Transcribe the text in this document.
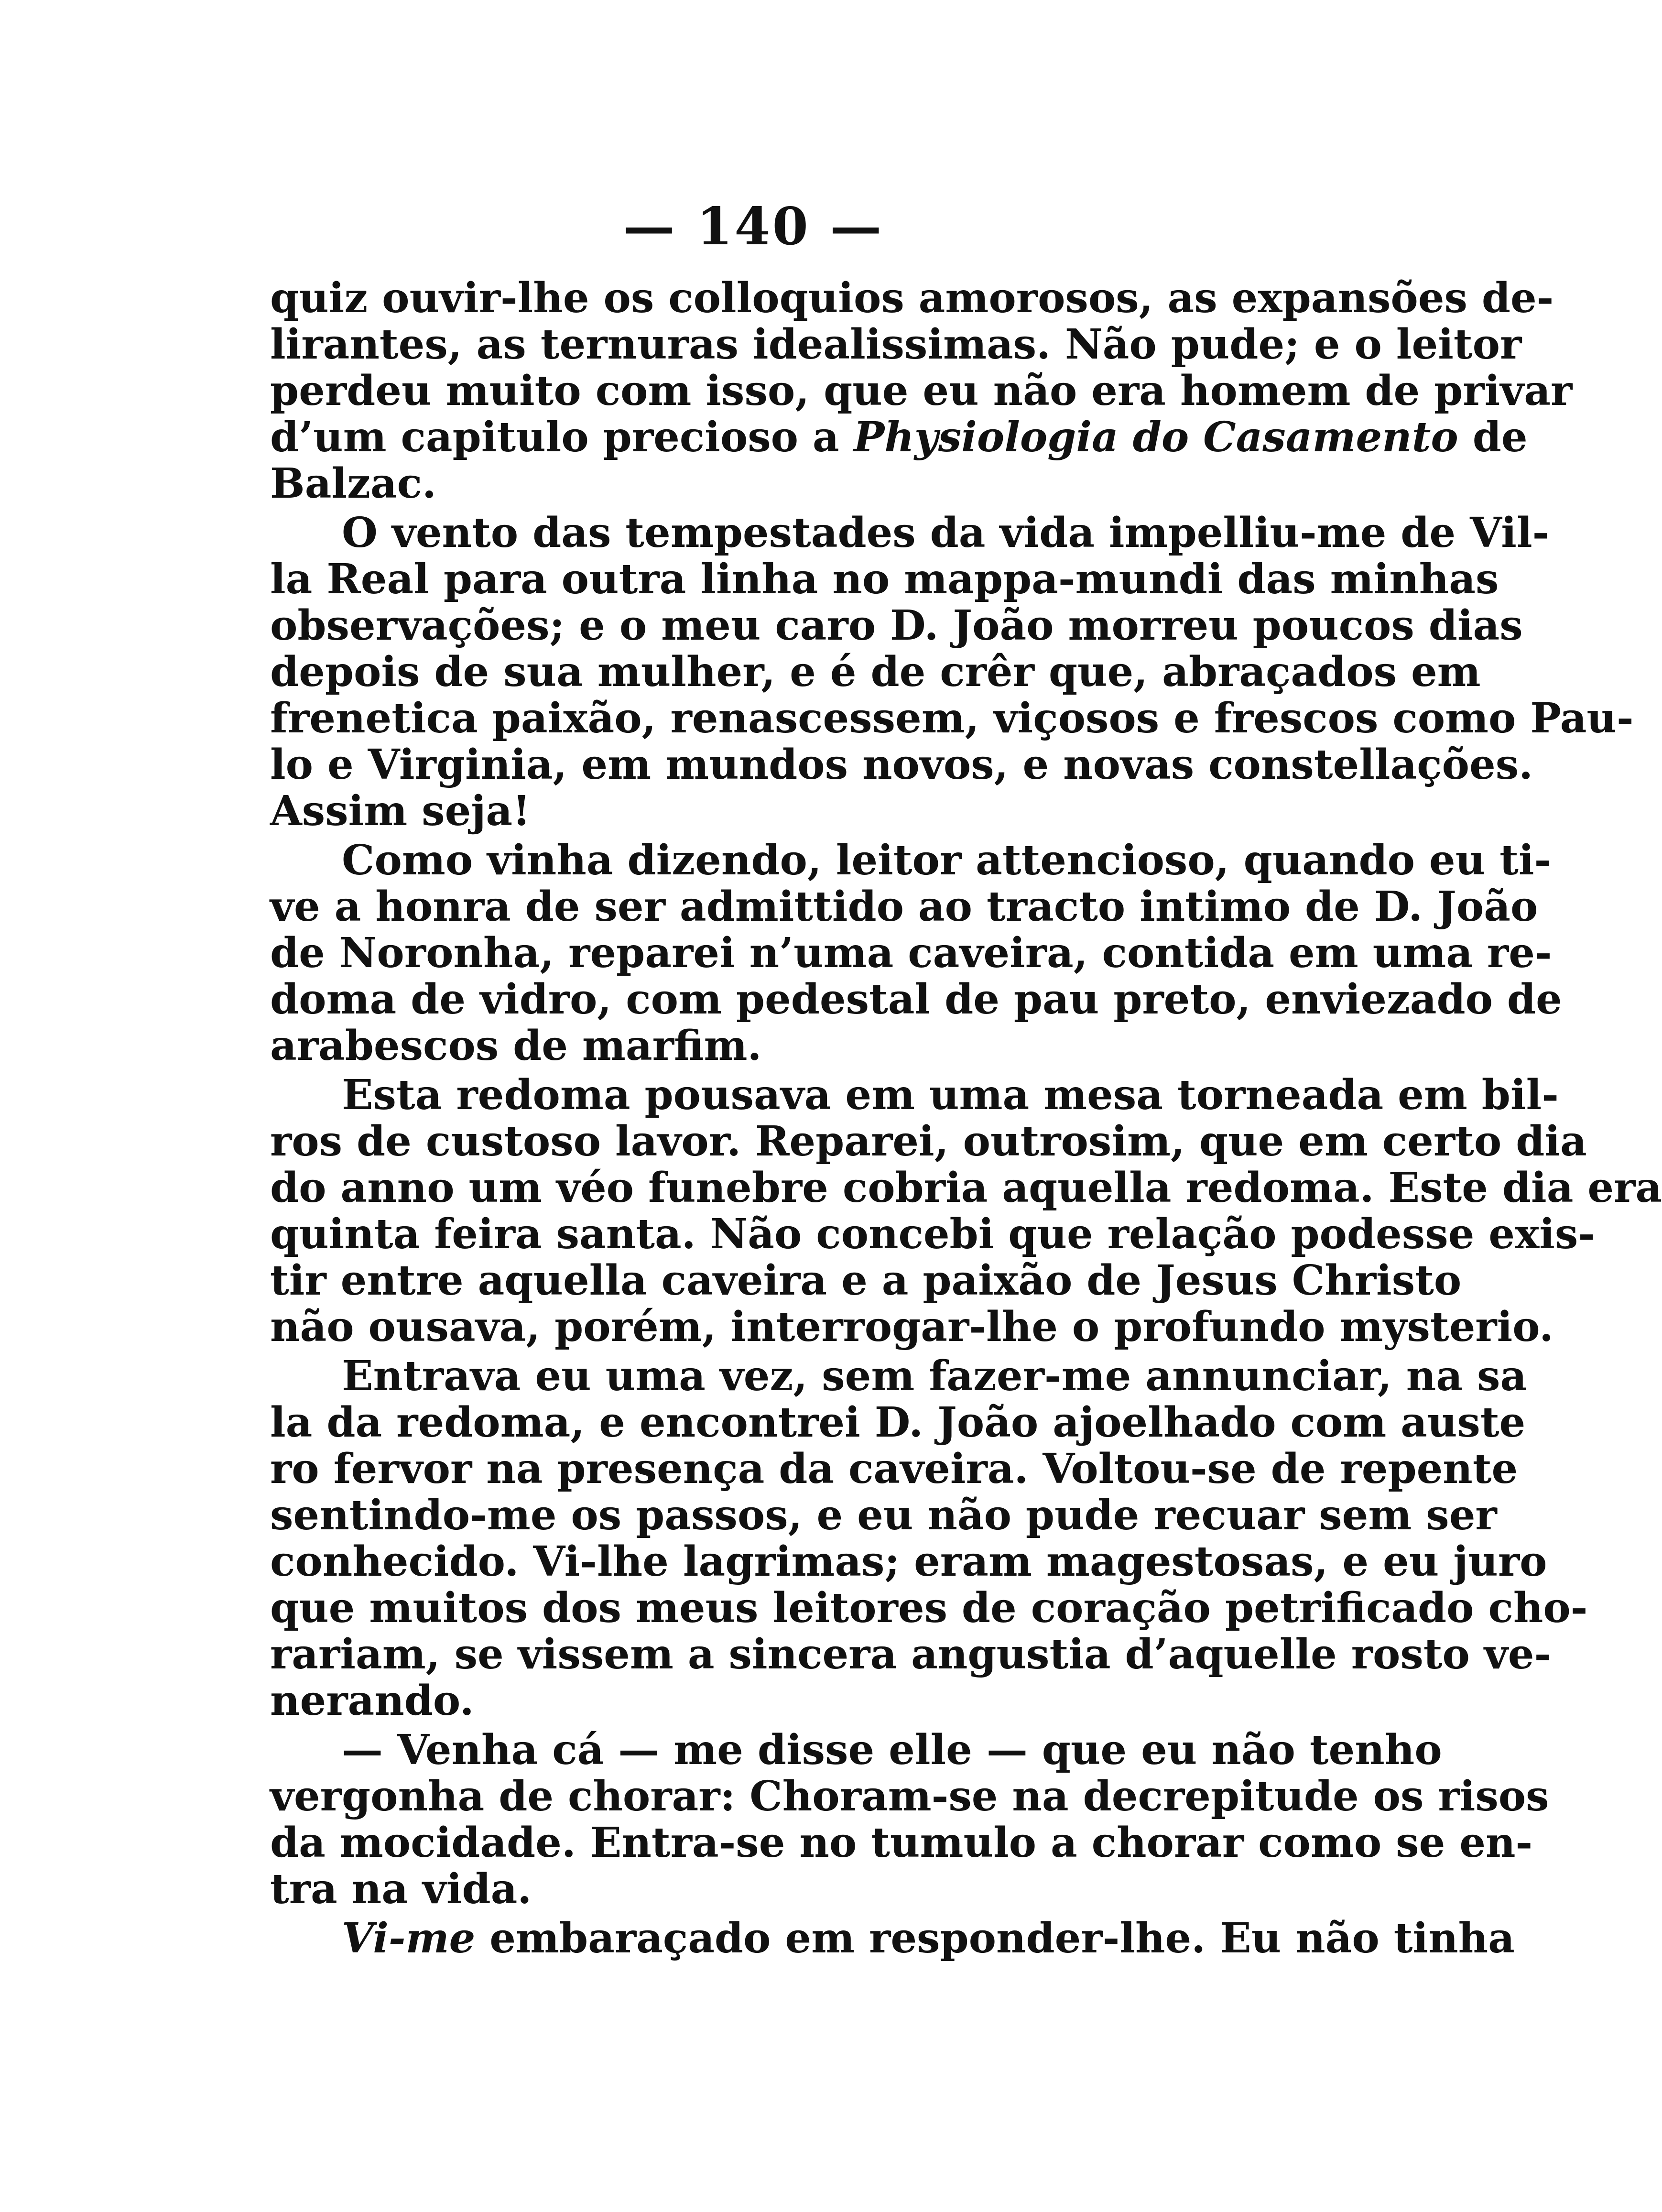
— 140 —
quiz ouvir-lhe os colloquios amorosos, as expansões de-
lirantes, as ternuras idealissimas. Não pude; e o leitor
perdeu muito com isso, que eu não era homem de privar
d’um capitulo precioso a Physiologia do Casamento de
Balzac.
O vento das tempestades da vida impelliu-me de Vil-
la Real para outra linha no mappa-mundi das minhas
observações; e o meu caro D. João morreu poucos dias
depois de sua mulher, e é de crêr que, abraçados em
frenetica paixão, renascessem, viçosos e frescos como Pau-
lo e Virginia, em mundos novos, e novas constellações.
Assim seja!
Como vinha dizendo, leitor attencioso, quando eu ti-
ve a honra de ser admittido ao tracto intimo de D. João
de Noronha, reparei n’uma caveira, contida em uma re-
doma de vidro, com pedestal de pau preto, enviezado de
arabescos de marfim.
Esta redoma pousava em uma mesa torneada em bil-
ros de custoso lavor. Reparei, outrosim, que em certo dia
do anno um véo funebre cobria aquella redoma. Este dia era
quinta feira santa. Não concebi que relação podesse exis-
tir entre aquella caveira e a paixão de Jesus Christo
não ousava, porém, interrogar-lhe o profundo mysterio.
Entrava eu uma vez, sem fazer-me annunciar, na sa
la da redoma, e encontrei D. João ajoelhado com auste
ro fervor na presença da caveira. Voltou-se de repente
sentindo-me os passos, e eu não pude recuar sem ser
conhecido. Vi-lhe lagrimas; eram magestosas, e eu juro
que muitos dos meus leitores de coração petrificado cho-
rariam, se vissem a sincera angustia d’aquelle rosto ve-
nerando.
— Venha cá — me disse elle — que eu não tenho
vergonha de chorar: Choram-se na decrepitude os risos
da mocidade. Entra-se no tumulo a chorar como se en-
tra na vida.
Vi-me embaraçado em responder-lhe. Eu não tinha
